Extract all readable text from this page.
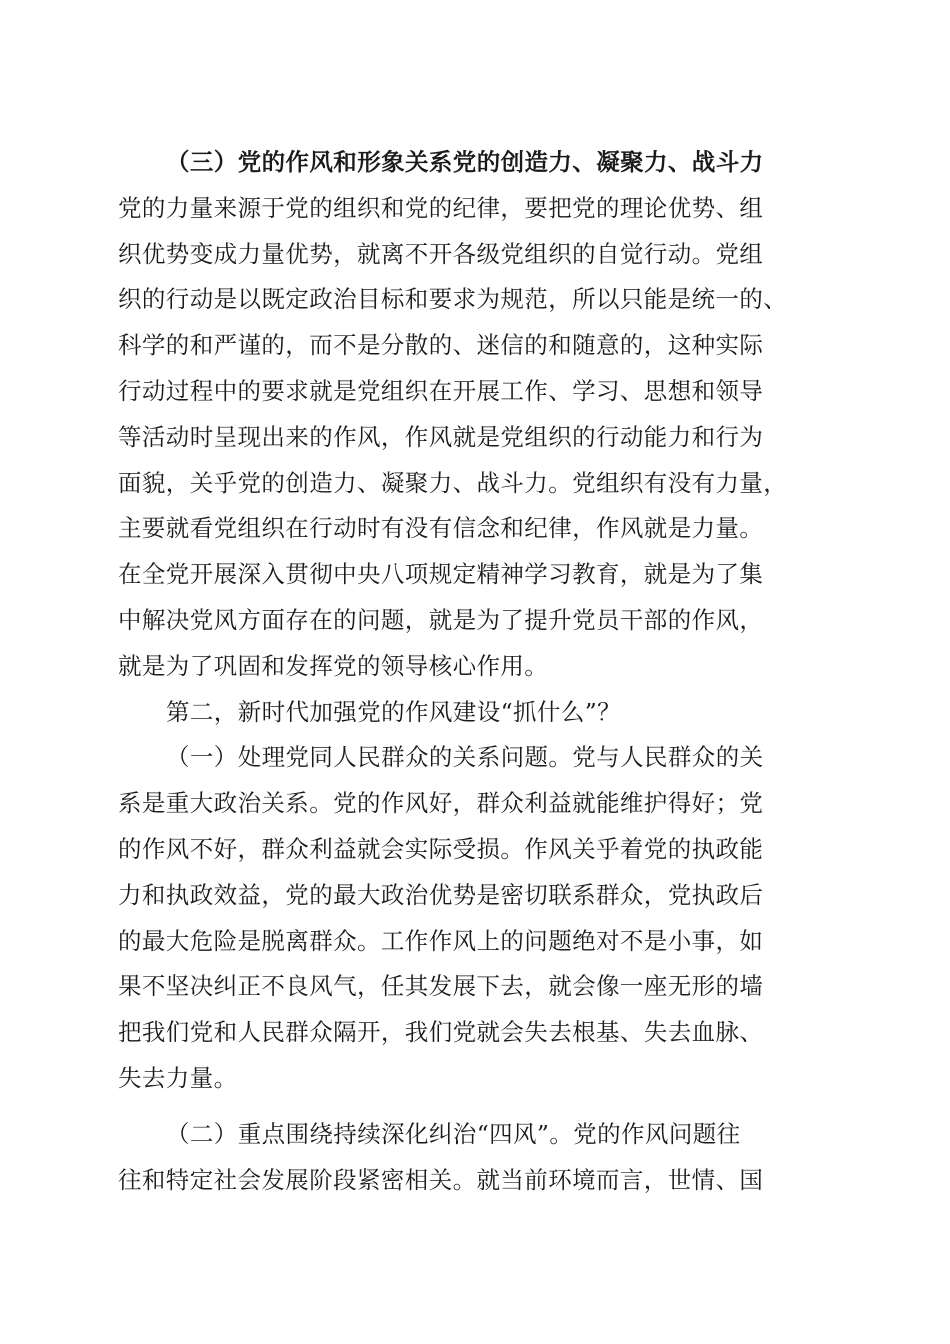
（三）党的作风和形象关系党的创造力、凝聚力、战斗力
党的力量来源于党的组织和党的纪律，要把党的理论优势、组
织优势变成力量优势，就离不开各级党组织的自觉行动。党组
织的行动是以既定政治目标和要求为规范，所以只能是统一的、
科学的和严谨的，而不是分散的、迷信的和随意的，这种实际
行动过程中的要求就是党组织在开展工作、学习、思想和领导
等活动时呈现出来的作风，作风就是党组织的行动能力和行为
面貌，关乎党的创造力、凝聚力、战斗力。党组织有没有力量，
主要就看党组织在行动时有没有信念和纪律，作风就是力量。
在全党开展深入贯彻中央八项规定精神学习教育，就是为了集
中解决党风方面存在的问题，就是为了提升党员干部的作风，
就是为了巩固和发挥党的领导核心作用。
第二，新时代加强党的作风建设“抓什么”？
（一）处理党同人民群众的关系问题。党与人民群众的关
系是重大政治关系。党的作风好，群众利益就能维护得好；党
的作风不好，群众利益就会实际受损。作风关乎着党的执政能
力和执政效益，党的最大政治优势是密切联系群众，党执政后
的最大危险是脱离群众。工作作风上的问题绝对不是小事，如
果不坚决纠正不良风气，任其发展下去，就会像一座无形的墙
把我们党和人民群众隔开，我们党就会失去根基、失去血脉、
失去力量。
（二）重点围绕持续深化纠治“四风”。党的作风问题往
往和特定社会发展阶段紧密相关。就当前环境而言，世情、国
